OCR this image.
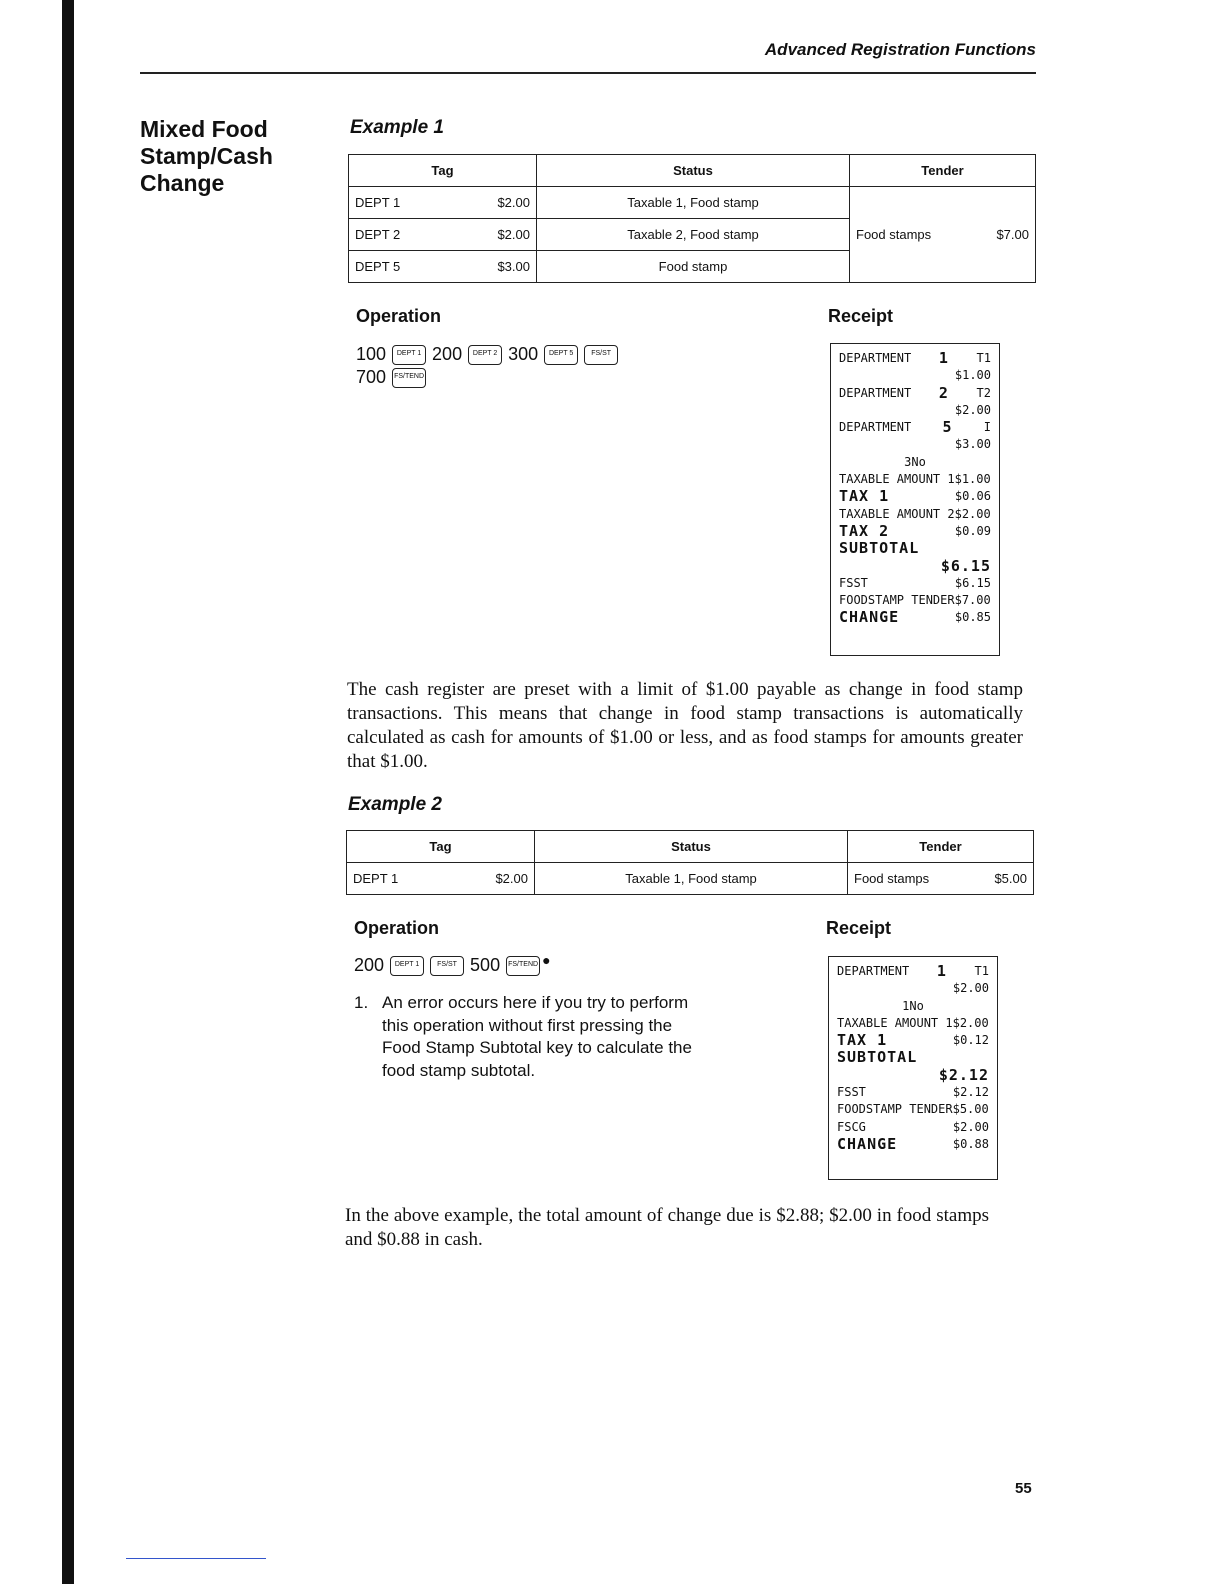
Advanced Registration Functions
Mixed Food
Stamp/Cash
Change
Example 1
Tag	Status	Tender

DEPT 1 $2.00	Taxable 1, Food stamp	Food stamps $7.00

DEPT 2 $2.00	Taxable 2, Food stamp	

DEPT 5 $3.00	Food stamp	
Operation	Receipt
100	DEPT 1 200	DEPT 2 300	DEPT 5	FS/ST
700 FS/TEND
DEPARTMENT 1 T1
$1.00
DEPARTMENT 2 T2
$2.00
DEPARTMENT 5	I
$3.00
3No
TAXABLE AMOUNT 1$1.00
TAX 1	$0.06
TAXABLE AMOUNT 2$2.00
TAX 2	$0.09
SUBTOTAL
$6.15
FSST	$6.15
FOODSTAMP TENDER$7.00
CHANGE	$0.85
The cash register are preset with a limit of $1.00 payable as change in food stamp transactions. This means that change in food stamp transactions is automatically calculated as cash for amounts of $1.00 or less, and as food stamps for amounts greater that $1.00.
Example 2
Tag	Status	Tender

DEPT 1 $2.00	Taxable 1, Food stamp	Food stamps $5.00
Operation	Receipt
200	DEPT 1	FS/ST 500 FS/TEND ●
1. An error occurs here if you try to perform this operation without first pressing the Food Stamp Subtotal key to calculate the food stamp subtotal.
DEPARTMENT 1 T1
$2.00
1No
TAXABLE AMOUNT 1$2.00
TAX 1	$0.12
SUBTOTAL
$2.12
FSST	$2.12
FOODSTAMP TENDER$5.00
FSCG	$2.00
CHANGE	$0.88
In the above example, the total amount of change due is $2.88; $2.00 in food stamps and $0.88 in cash.
55
